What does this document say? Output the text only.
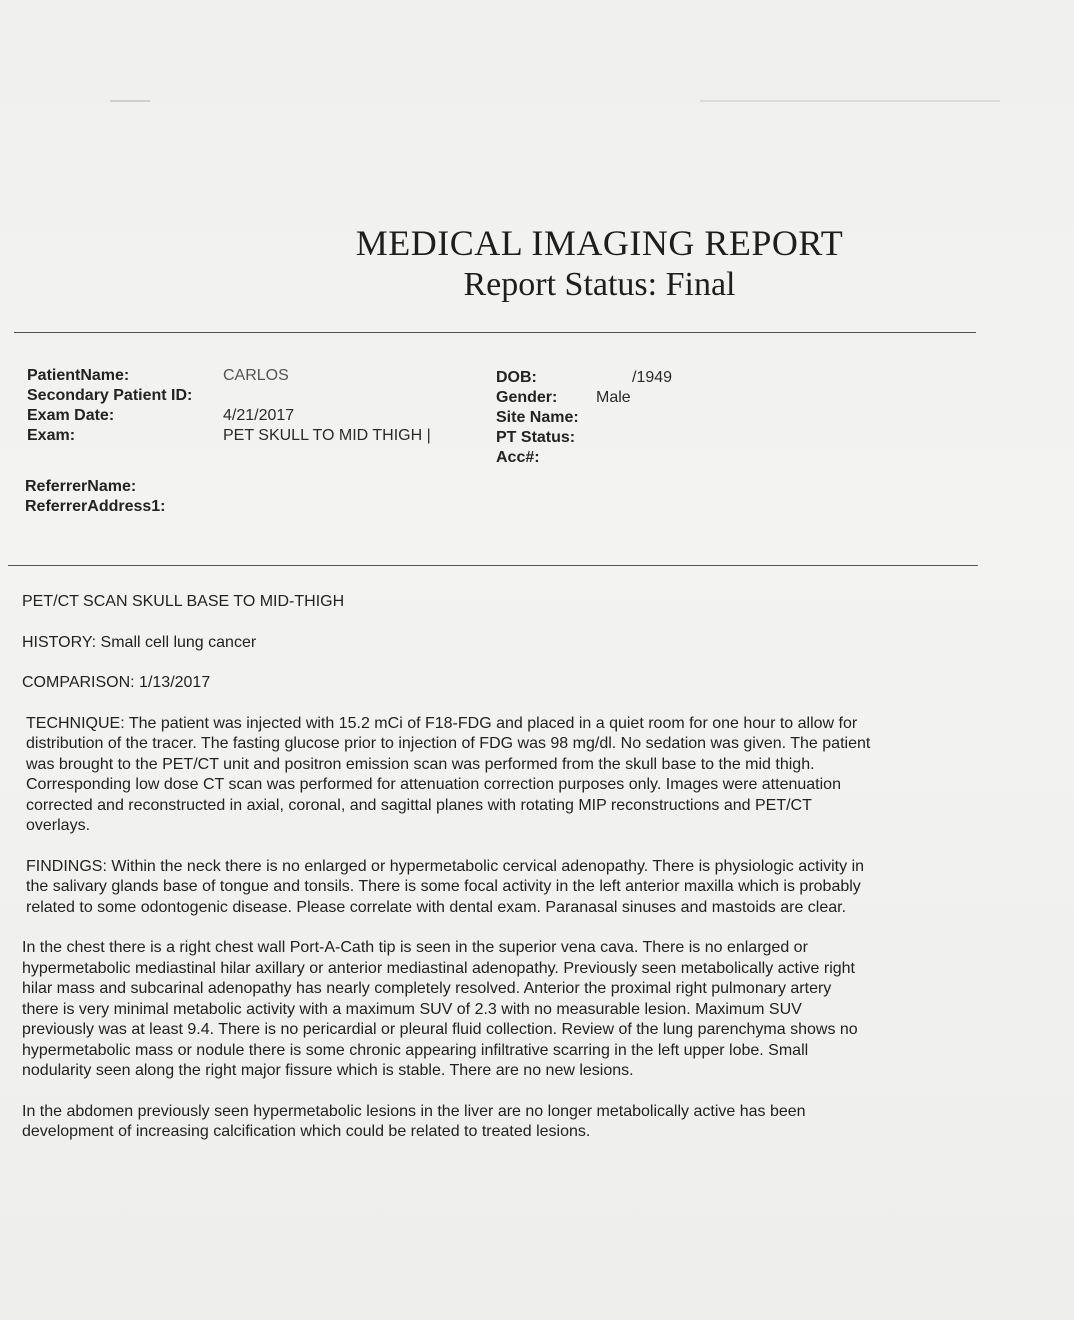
MEDICAL IMAGING REPORT
Report Status: Final
PatientName:
Secondary Patient ID:
Exam Date:
Exam:
CARLOS
4/21/2017
PET SKULL TO MID THIGH |
DOB:
Gender:
Site Name:
PT Status:
Acc#:
/1949
Male
ReferrerName:
ReferrerAddress1:

PET/CT SCAN SKULL BASE TO MID-THIGH

HISTORY: Small cell lung cancer

COMPARISON: 1/13/2017

TECHNIQUE: The patient was injected with 15.2 mCi of F18-FDG and placed in a quiet room for one hour to allow for distribution of the tracer. The fasting glucose prior to injection of FDG was 98 mg/dl. No sedation was given. The patient was brought to the PET/CT unit and positron emission scan was performed from the skull base to the mid thigh. Corresponding low dose CT scan was performed for attenuation correction purposes only. Images were attenuation corrected and reconstructed in axial, coronal, and sagittal planes with rotating MIP reconstructions and PET/CT overlays.

FINDINGS: Within the neck there is no enlarged or hypermetabolic cervical adenopathy. There is physiologic activity in the salivary glands base of tongue and tonsils. There is some focal activity in the left anterior maxilla which is probably related to some odontogenic disease. Please correlate with dental exam. Paranasal sinuses and mastoids are clear.

In the chest there is a right chest wall Port-A-Cath tip is seen in the superior vena cava. There is no enlarged or hypermetabolic mediastinal hilar axillary or anterior mediastinal adenopathy. Previously seen metabolically active right hilar mass and subcarinal adenopathy has nearly completely resolved. Anterior the proximal right pulmonary artery there is very minimal metabolic activity with a maximum SUV of 2.3 with no measurable lesion. Maximum SUV previously was at least 9.4. There is no pericardial or pleural fluid collection. Review of the lung parenchyma shows no hypermetabolic mass or nodule there is some chronic appearing infiltrative scarring in the left upper lobe. Small nodularity seen along the right major fissure which is stable. There are no new lesions.

In the abdomen previously seen hypermetabolic lesions in the liver are no longer metabolically active has been development of increasing calcification which could be related to treated lesions.
